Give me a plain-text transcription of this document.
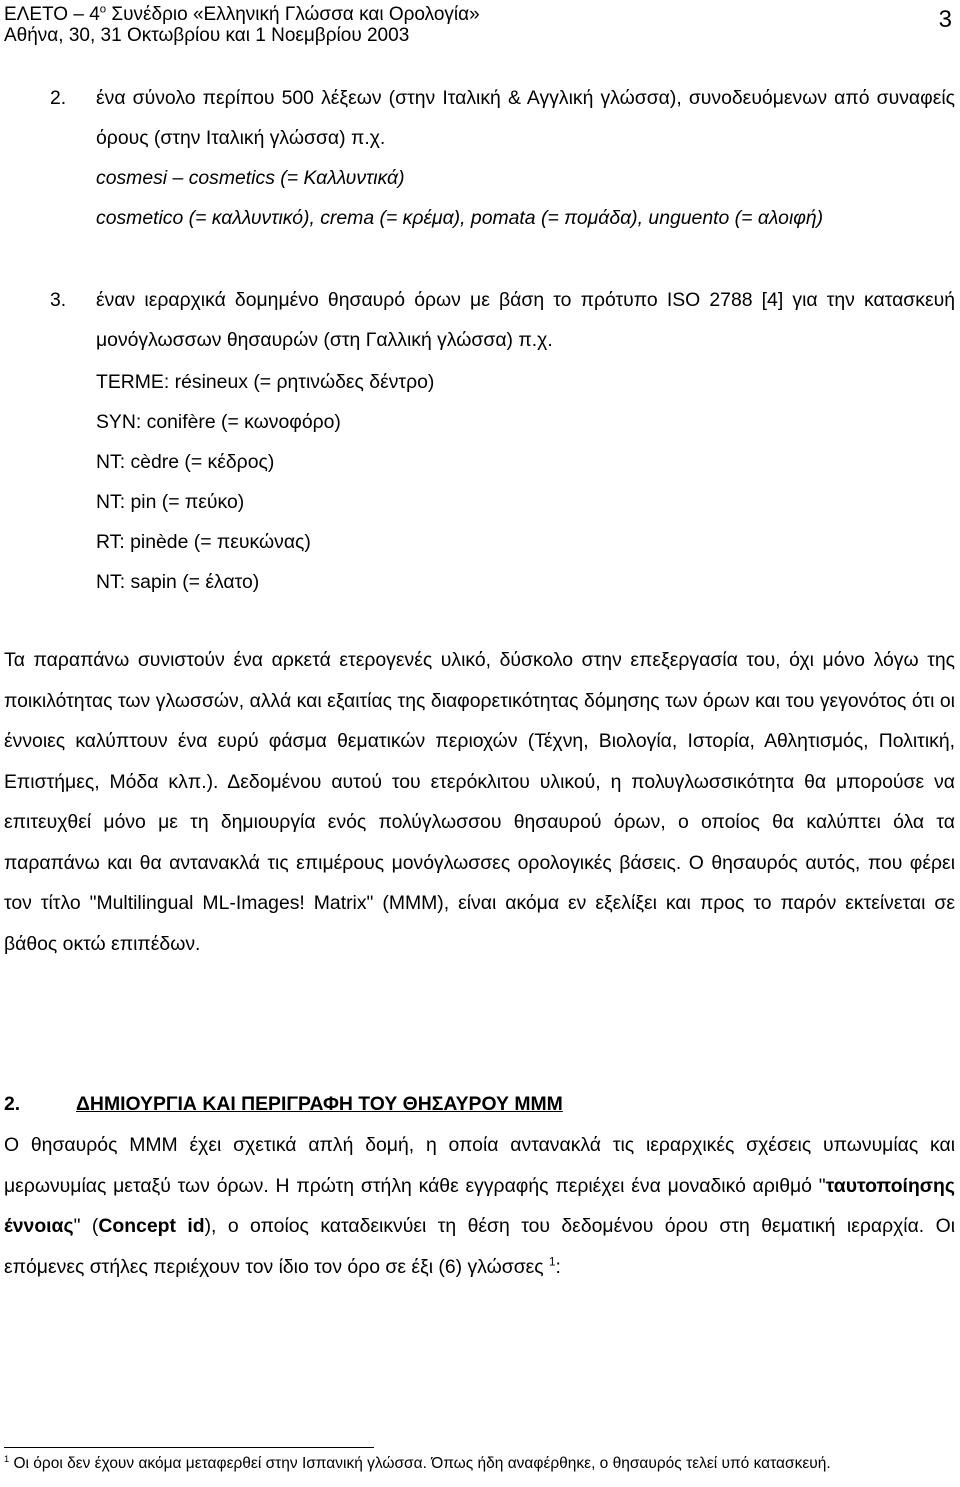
ΕΛΕΤΟ – $4^o$ Συνέδριο «Ελληνική Γλώσσα και Ορολογία»
Αθήνα, 30, 31 Οκτωβρίου και 1 Νοεμβρίου 2003
3
2. ένα σύνολο περίπου 500 λέξεων (στην Ιταλική & Αγγλική γλώσσα), συνοδευόμενων από συναφείς όρους (στην Ιταλική γλώσσα) π.χ.
cosmesi – cosmetics (= Καλλυντικά)
cosmetico (= καλλυντικό), crema (= κρέμα), pomata (= πομάδα), unguento (= αλοιφή)
3. έναν ιεραρχικά δομημένο θησαυρό όρων με βάση το πρότυπο ISO 2788 [4] για την κατασκευή μονόγλωσσων θησαυρών (στη Γαλλική γλώσσα) π.χ.
TERME: résineux (= ρητινώδες δέντρο)
SYN: conifère (= κωνοφόρο)
NT: cèdre (= κέδρος)
NT: pin (= πεύκο)
RT: pinède (= πευκώνας)
NT: sapin (= έλατο)
Τα παραπάνω συνιστούν ένα αρκετά ετερογενές υλικό, δύσκολο στην επεξεργασία του, όχι μόνο λόγω της ποικιλότητας των γλωσσών, αλλά και εξαιτίας της διαφορετικότητας δόμησης των όρων και του γεγονότος ότι οι έννοιες καλύπτουν ένα ευρύ φάσμα θεματικών περιοχών (Τέχνη, Βιολογία, Ιστορία, Αθλητισμός, Πολιτική, Επιστήμες, Μόδα κλπ.). Δεδομένου αυτού του ετερόκλιτου υλικού, η πολυγλωσσικότητα θα μπορούσε να επιτευχθεί μόνο με τη δημιουργία ενός πολύγλωσσου θησαυρού όρων, ο οποίος θα καλύπτει όλα τα παραπάνω και θα αντανακλά τις επιμέρους μονόγλωσσες ορολογικές βάσεις. Ο θησαυρός αυτός, που φέρει τον τίτλο "Multilingual ML-Images! Matrix" (ΜΜΜ), είναι ακόμα εν εξελίξει και προς το παρόν εκτείνεται σε βάθος οκτώ επιπέδων.
2.	ΔΗΜΙΟΥΡΓΙΑ ΚΑΙ ΠΕΡΙΓΡΑΦΗ ΤΟΥ ΘΗΣΑΥΡΟΥ ΜΜΜ
Ο θησαυρός ΜΜΜ έχει σχετικά απλή δομή, η οποία αντανακλά τις ιεραρχικές σχέσεις υπωνυμίας και μερωνυμίας μεταξύ των όρων. Η πρώτη στήλη κάθε εγγραφής περιέχει ένα μοναδικό αριθμό "ταυτοποίησης έννοιας" (Concept id), ο οποίος καταδεικνύει τη θέση του δεδομένου όρου στη θεματική ιεραρχία. Οι επόμενες στήλες περιέχουν τον ίδιο τον όρο σε έξι (6) γλώσσες $^1$:
$^1$ Οι όροι δεν έχουν ακόμα μεταφερθεί στην Ισπανική γλώσσα. Όπως ήδη αναφέρθηκε, ο θησαυρός τελεί υπό κατασκευή.
